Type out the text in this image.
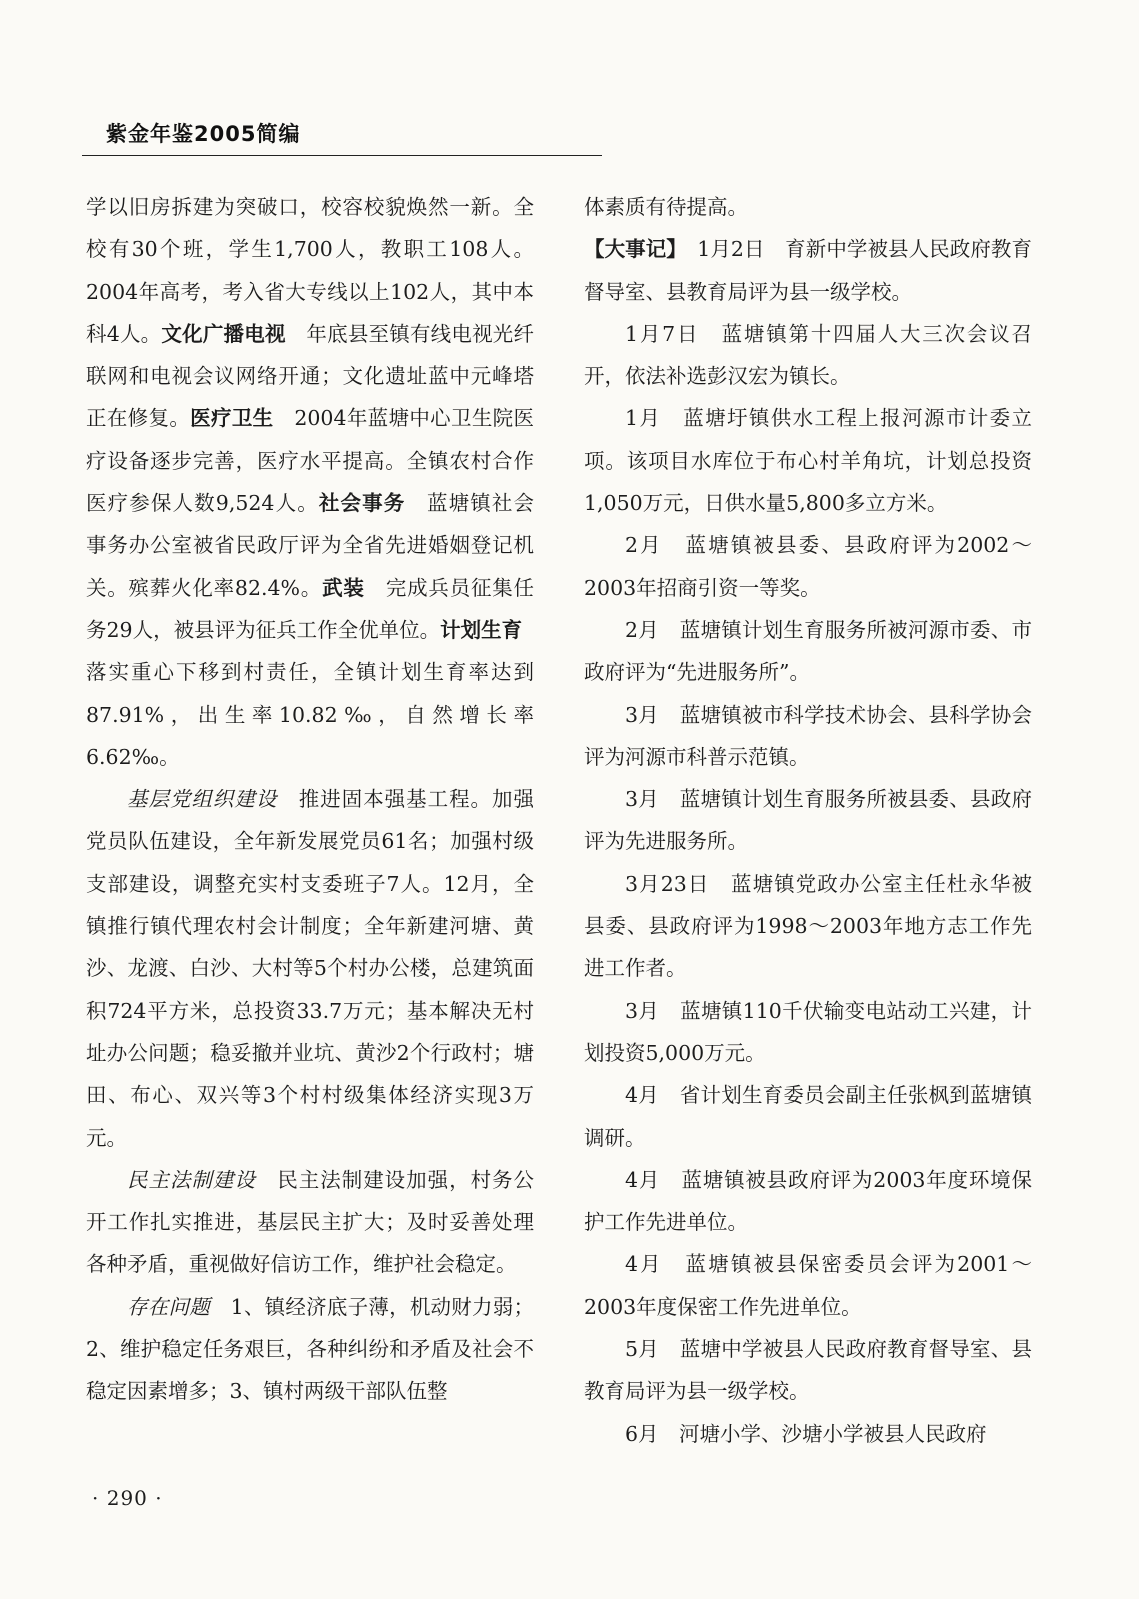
紫金年鉴2005简编

学以旧房拆建为突破口，校容校貌焕然一新。全校有30个班，学生1,700人，教职工108人。2004年高考，考入省大专线以上102人，其中本科4人。文化广播电视　年底县至镇有线电视光纤联网和电视会议网络开通；文化遗址蓝中元峰塔正在修复。医疗卫生　2004年蓝塘中心卫生院医疗设备逐步完善，医疗水平提高。全镇农村合作医疗参保人数9,524人。社会事务　蓝塘镇社会事务办公室被省民政厅评为全省先进婚姻登记机关。殡葬火化率82.4%。武装　完成兵员征集任务29人，被县评为征兵工作全优单位。计划生育　落实重心下移到村责任，全镇计划生育率达到87.91%，出生率10.82‰，自然增长率6.62‰。

基层党组织建设　推进固本强基工程。加强党员队伍建设，全年新发展党员61名；加强村级支部建设，调整充实村支委班子7人。12月，全镇推行镇代理农村会计制度；全年新建河塘、黄沙、龙渡、白沙、大村等5个村办公楼，总建筑面积724平方米，总投资33.7万元；基本解决无村址办公问题；稳妥撤并业坑、黄沙2个行政村；塘田、布心、双兴等3个村村级集体经济实现3万元。

民主法制建设　民主法制建设加强，村务公开工作扎实推进，基层民主扩大；及时妥善处理各种矛盾，重视做好信访工作，维护社会稳定。

存在问题　1、镇经济底子薄，机动财力弱；2、维护稳定任务艰巨，各种纠纷和矛盾及社会不稳定因素增多；3、镇村两级干部队伍整

体素质有待提高。

【大事记】　1月2日　育新中学被县人民政府教育督导室、县教育局评为县一级学校。

1月7日　蓝塘镇第十四届人大三次会议召开，依法补选彭汉宏为镇长。

1月　蓝塘圩镇供水工程上报河源市计委立项。该项目水库位于布心村羊角坑，计划总投资1,050万元，日供水量5,800多立方米。

2月　蓝塘镇被县委、县政府评为2002～2003年招商引资一等奖。

2月　蓝塘镇计划生育服务所被河源市委、市政府评为“先进服务所”。

3月　蓝塘镇被市科学技术协会、县科学协会评为河源市科普示范镇。

3月　蓝塘镇计划生育服务所被县委、县政府评为先进服务所。

3月23日　蓝塘镇党政办公室主任杜永华被县委、县政府评为1998～2003年地方志工作先进工作者。

3月　蓝塘镇110千伏输变电站动工兴建，计划投资5,000万元。

4月　省计划生育委员会副主任张枫到蓝塘镇调研。

4月　蓝塘镇被县政府评为2003年度环境保护工作先进单位。

4月　蓝塘镇被县保密委员会评为2001～2003年度保密工作先进单位。

5月　蓝塘中学被县人民政府教育督导室、县教育局评为县一级学校。

6月　河塘小学、沙塘小学被县人民政府

· 290 ·
